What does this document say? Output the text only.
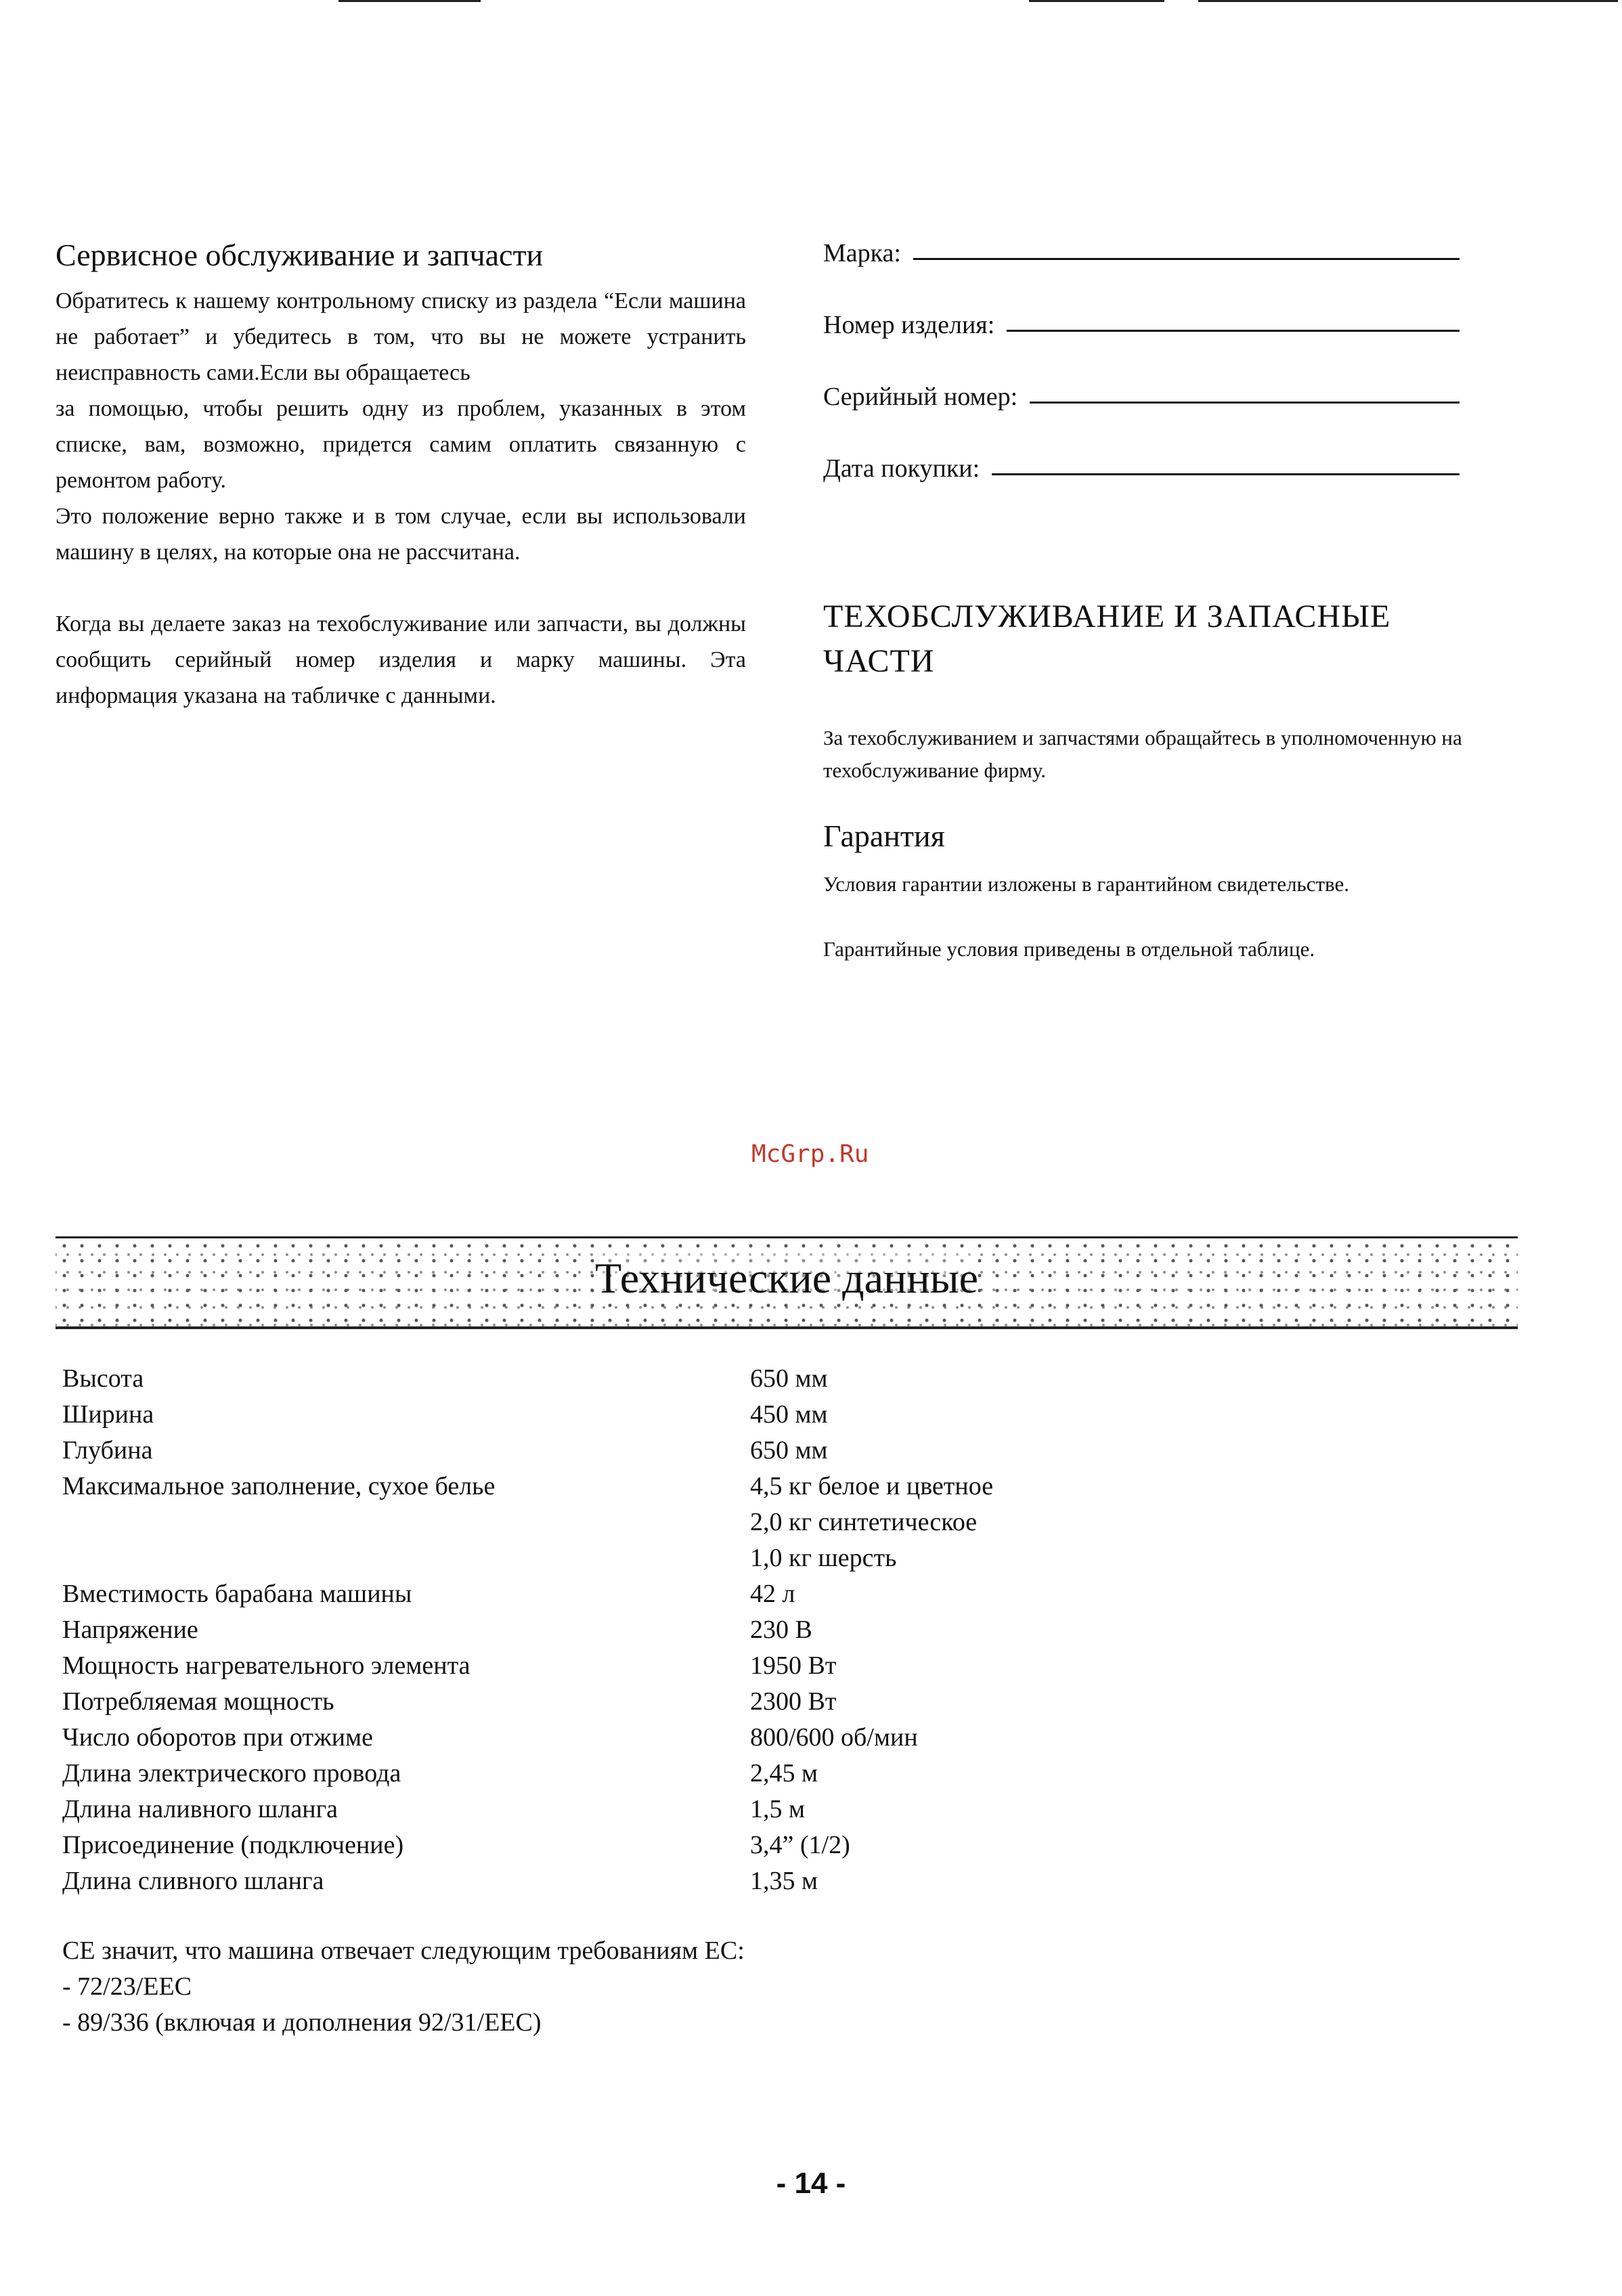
Сервисное обслуживание и запчасти

Обратитесь к нашему контрольному списку из раздела “Если машина не работает” и убедитесь в том, что вы не можете устранить неисправность сами.Если вы обращаетесь

за помощью, чтобы решить одну из проблем, указанных в этом списке, вам, возможно, придется самим оплатить связанную с ремонтом работу.

Это положение верно также и в том случае, если вы использовали машину в целях, на которые она не рассчитана.

Когда вы делаете заказ на техобслуживание или запчасти, вы должны сообщить серийный номер изделия и марку машины. Эта информация указана на табличке с данными.

Марка:
Номер изделия:
Серийный номер:
Дата покупки:
ТЕХОБСЛУЖИВАНИЕ И ЗАПАСНЫЕ ЧАСТИ
За техобслуживанием и запчастями обращайтесь в уполномоченную на техобслуживание фирму.
Гарантия
Условия гарантии изложены в гарантийном свидетельстве.
Гарантийные условия приведены в отдельной таблице.
McGrp.Ru
Технические данные
Высота	650 мм
Ширина	450 мм
Глубина	650 мм
Максимальное заполнение, сухое белье	4,5 кг белое и цветное
	2,0 кг синтетическое
	1,0 кг шерсть
Вместимость барабана машины	42 л
Напряжение	230 В
Мощность нагревательного элемента	1950 Вт
Потребляемая мощность	2300 Вт
Число оборотов при отжиме	800/600 об/мин
Длина электрического провода	2,45 м
Длина наливного шланга	1,5 м
Присоединение (подключение)	3,4” (1/2)
Длина сливного шланга	1,35 м
CE значит, что машина отвечает следующим требованиям ЕС:
- 72/23/EEC
- 89/336 (включая и дополнения 92/31/EEC)
- 14 -
